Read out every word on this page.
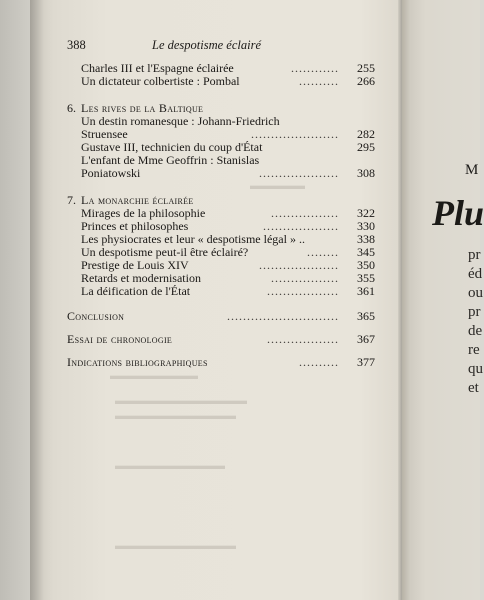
▬▬▬▬▬
▬▬▬▬▬▬▬▬
▬▬▬▬▬▬▬▬▬▬▬▬
▬▬▬▬▬▬▬▬▬▬▬
▬▬▬▬▬▬▬▬▬▬
▬▬▬▬▬▬▬▬▬▬▬
388	Le despotisme éclairé
Charles III et l'Espagne éclairée	............ 255
Un dictateur colbertiste : Pombal	.......... 266
6. Les rives de la Baltique
Un destin romanesque : Johann-Friedrich
Struensee	...................... 282
Gustave III, technicien du coup d'État	295
L'enfant de Mme Geoffrin : Stanislas
Poniatowski	.................... 308
7. La monarchie éclairée
Mirages de la philosophie	................. 322
Princes et philosophes	................... 330
Les physiocrates et leur « despotisme légal » ..	338
Un despotisme peut-il être éclairé?	........ 345
Prestige de Louis XIV	.................... 350
Retards et modernisation	................. 355
La déification de l'État	.................. 361
Conclusion	............................ 365
Essai de chronologie	.................. 367
Indications bibliographiques	.......... 377
M
Plu
pr
éd
ou
pr
de
re
qu
et
